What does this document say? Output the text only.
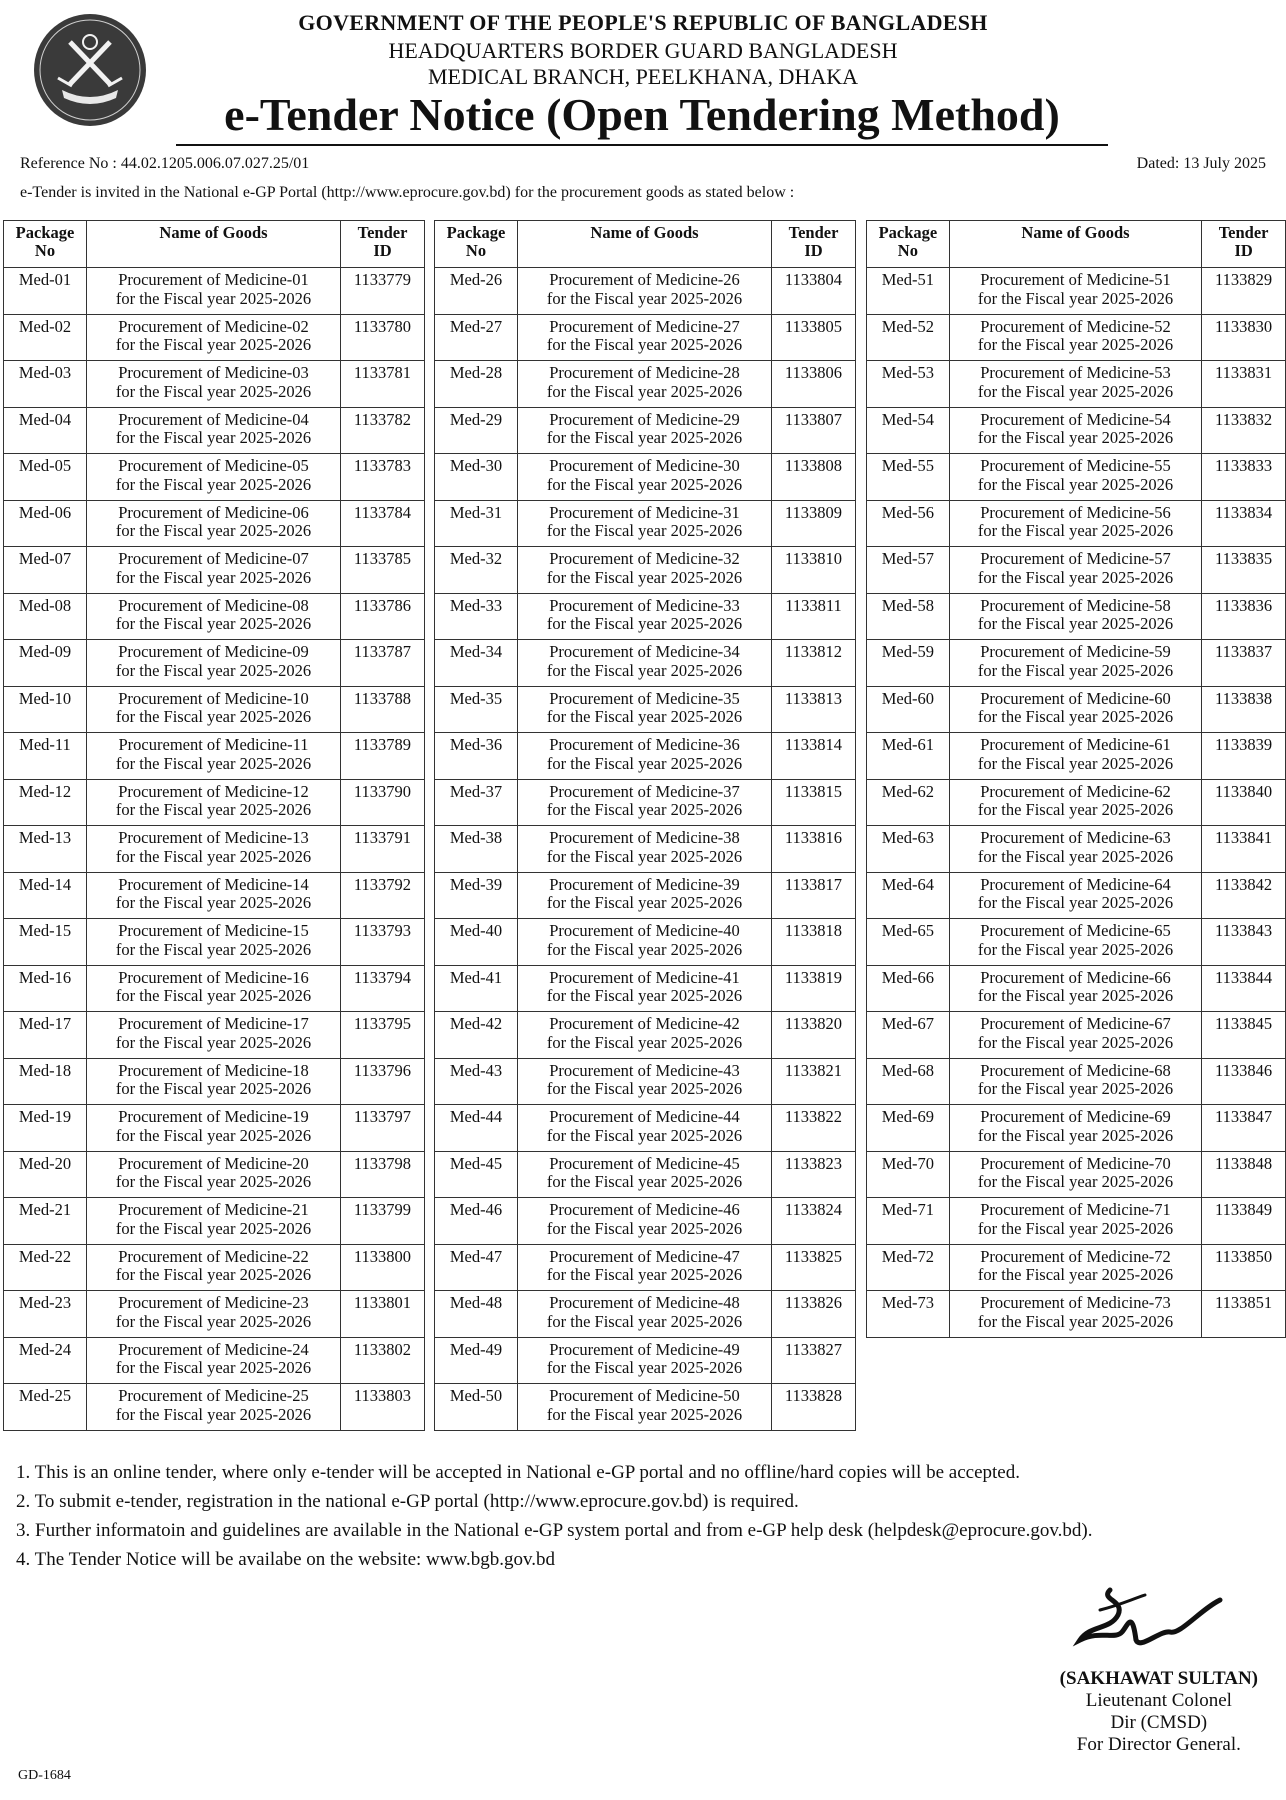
GOVERNMENT OF THE PEOPLE'S REPUBLIC OF BANGLADESH
HEADQUARTERS BORDER GUARD BANGLADESH
MEDICAL BRANCH, PEELKHANA, DHAKA
e-Tender Notice (Open Tendering Method)
Reference No : 44.02.1205.006.07.027.25/01	Dated: 13 July 2025
e-Tender is invited in the National e-GP Portal (http://www.eprocure.gov.bd) for the procurement goods as stated below :
Package
No	Name of Goods	Tender
ID
Med-01	Procurement of Medicine-01
for the Fiscal year 2025-2026	1133779
Med-02	Procurement of Medicine-02
for the Fiscal year 2025-2026	1133780
Med-03	Procurement of Medicine-03
for the Fiscal year 2025-2026	1133781
Med-04	Procurement of Medicine-04
for the Fiscal year 2025-2026	1133782
Med-05	Procurement of Medicine-05
for the Fiscal year 2025-2026	1133783
Med-06	Procurement of Medicine-06
for the Fiscal year 2025-2026	1133784
Med-07	Procurement of Medicine-07
for the Fiscal year 2025-2026	1133785
Med-08	Procurement of Medicine-08
for the Fiscal year 2025-2026	1133786
Med-09	Procurement of Medicine-09
for the Fiscal year 2025-2026	1133787
Med-10	Procurement of Medicine-10
for the Fiscal year 2025-2026	1133788
Med-11	Procurement of Medicine-11
for the Fiscal year 2025-2026	1133789
Med-12	Procurement of Medicine-12
for the Fiscal year 2025-2026	1133790
Med-13	Procurement of Medicine-13
for the Fiscal year 2025-2026	1133791
Med-14	Procurement of Medicine-14
for the Fiscal year 2025-2026	1133792
Med-15	Procurement of Medicine-15
for the Fiscal year 2025-2026	1133793
Med-16	Procurement of Medicine-16
for the Fiscal year 2025-2026	1133794
Med-17	Procurement of Medicine-17
for the Fiscal year 2025-2026	1133795
Med-18	Procurement of Medicine-18
for the Fiscal year 2025-2026	1133796
Med-19	Procurement of Medicine-19
for the Fiscal year 2025-2026	1133797
Med-20	Procurement of Medicine-20
for the Fiscal year 2025-2026	1133798
Med-21	Procurement of Medicine-21
for the Fiscal year 2025-2026	1133799
Med-22	Procurement of Medicine-22
for the Fiscal year 2025-2026	1133800
Med-23	Procurement of Medicine-23
for the Fiscal year 2025-2026	1133801
Med-24	Procurement of Medicine-24
for the Fiscal year 2025-2026	1133802
Med-25	Procurement of Medicine-25
for the Fiscal year 2025-2026	1133803
Package
No	Name of Goods	Tender
ID
Med-26	Procurement of Medicine-26
for the Fiscal year 2025-2026	1133804
Med-27	Procurement of Medicine-27
for the Fiscal year 2025-2026	1133805
Med-28	Procurement of Medicine-28
for the Fiscal year 2025-2026	1133806
Med-29	Procurement of Medicine-29
for the Fiscal year 2025-2026	1133807
Med-30	Procurement of Medicine-30
for the Fiscal year 2025-2026	1133808
Med-31	Procurement of Medicine-31
for the Fiscal year 2025-2026	1133809
Med-32	Procurement of Medicine-32
for the Fiscal year 2025-2026	1133810
Med-33	Procurement of Medicine-33
for the Fiscal year 2025-2026	1133811
Med-34	Procurement of Medicine-34
for the Fiscal year 2025-2026	1133812
Med-35	Procurement of Medicine-35
for the Fiscal year 2025-2026	1133813
Med-36	Procurement of Medicine-36
for the Fiscal year 2025-2026	1133814
Med-37	Procurement of Medicine-37
for the Fiscal year 2025-2026	1133815
Med-38	Procurement of Medicine-38
for the Fiscal year 2025-2026	1133816
Med-39	Procurement of Medicine-39
for the Fiscal year 2025-2026	1133817
Med-40	Procurement of Medicine-40
for the Fiscal year 2025-2026	1133818
Med-41	Procurement of Medicine-41
for the Fiscal year 2025-2026	1133819
Med-42	Procurement of Medicine-42
for the Fiscal year 2025-2026	1133820
Med-43	Procurement of Medicine-43
for the Fiscal year 2025-2026	1133821
Med-44	Procurement of Medicine-44
for the Fiscal year 2025-2026	1133822
Med-45	Procurement of Medicine-45
for the Fiscal year 2025-2026	1133823
Med-46	Procurement of Medicine-46
for the Fiscal year 2025-2026	1133824
Med-47	Procurement of Medicine-47
for the Fiscal year 2025-2026	1133825
Med-48	Procurement of Medicine-48
for the Fiscal year 2025-2026	1133826
Med-49	Procurement of Medicine-49
for the Fiscal year 2025-2026	1133827
Med-50	Procurement of Medicine-50
for the Fiscal year 2025-2026	1133828
Package
No	Name of Goods	Tender
ID
Med-51	Procurement of Medicine-51
for the Fiscal year 2025-2026	1133829
Med-52	Procurement of Medicine-52
for the Fiscal year 2025-2026	1133830
Med-53	Procurement of Medicine-53
for the Fiscal year 2025-2026	1133831
Med-54	Procurement of Medicine-54
for the Fiscal year 2025-2026	1133832
Med-55	Procurement of Medicine-55
for the Fiscal year 2025-2026	1133833
Med-56	Procurement of Medicine-56
for the Fiscal year 2025-2026	1133834
Med-57	Procurement of Medicine-57
for the Fiscal year 2025-2026	1133835
Med-58	Procurement of Medicine-58
for the Fiscal year 2025-2026	1133836
Med-59	Procurement of Medicine-59
for the Fiscal year 2025-2026	1133837
Med-60	Procurement of Medicine-60
for the Fiscal year 2025-2026	1133838
Med-61	Procurement of Medicine-61
for the Fiscal year 2025-2026	1133839
Med-62	Procurement of Medicine-62
for the Fiscal year 2025-2026	1133840
Med-63	Procurement of Medicine-63
for the Fiscal year 2025-2026	1133841
Med-64	Procurement of Medicine-64
for the Fiscal year 2025-2026	1133842
Med-65	Procurement of Medicine-65
for the Fiscal year 2025-2026	1133843
Med-66	Procurement of Medicine-66
for the Fiscal year 2025-2026	1133844
Med-67	Procurement of Medicine-67
for the Fiscal year 2025-2026	1133845
Med-68	Procurement of Medicine-68
for the Fiscal year 2025-2026	1133846
Med-69	Procurement of Medicine-69
for the Fiscal year 2025-2026	1133847
Med-70	Procurement of Medicine-70
for the Fiscal year 2025-2026	1133848
Med-71	Procurement of Medicine-71
for the Fiscal year 2025-2026	1133849
Med-72	Procurement of Medicine-72
for the Fiscal year 2025-2026	1133850
Med-73	Procurement of Medicine-73
for the Fiscal year 2025-2026	1133851
1. This is an online tender, where only e-tender will be accepted in National e-GP portal and no offline/hard copies will be accepted.
2. To submit e-tender, registration in the national e-GP portal (http://www.eprocure.gov.bd) is required.
3. Further informatoin and guidelines are available in the National e-GP system portal and from e-GP help desk (helpdesk@eprocure.gov.bd).
4. The Tender Notice will be availabe on the website: www.bgb.gov.bd
(SAKHAWAT SULTAN)
Lieutenant Colonel
Dir (CMSD)
For Director General.
GD-1684
